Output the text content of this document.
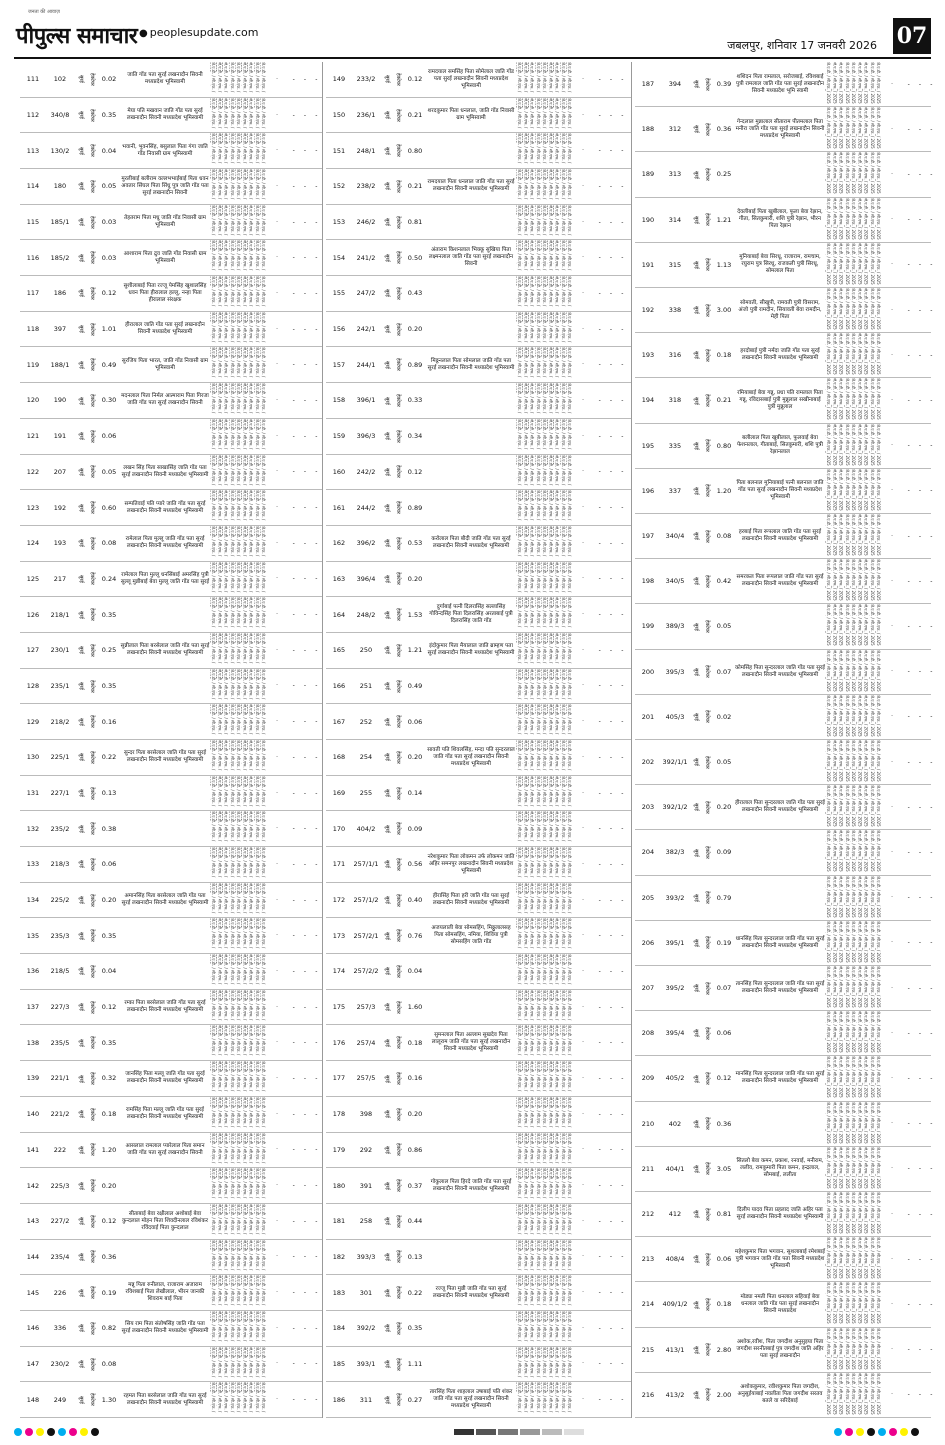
जनता की आवाज़
पीपुल्स समाचार ● peoplesupdate.com
जबलपुर, शनिवार 17 जनवरी 2026 07
111	102	सुरई	हेक्टेयर	0.02	जाति गोंड पता सुरई लखनादौन सिवनी मध्यप्रदेश भूमिस्वामी
जे.ए.डी. / सी.एफ. /
जे.ए.डी. / सी.एफ. /
जे.ए.डी. / सी.एफ. /
जे.ए.डी. / सी.एफ. /
जे.ए.डी. / सी.एफ. /
जे.ए.डी. / सी.एफ. /
जे.ए.डी. / सी.एफ. /
जे.ए.डी. / सी.एफ. /
जे.ए.डी. / सी.एफ. /
-	- - -
112	340/8	सुरई	हेक्टेयर	0.35	मेघा पति मखवान जाति गोंड पता सुरई लखनादौन सिवनी मध्यप्रदेश भूमिस्वामी
जे.ए.डी. / सी.एफ. /
जे.ए.डी. / सी.एफ. /
जे.ए.डी. / सी.एफ. /
जे.ए.डी. / सी.एफ. /
जे.ए.डी. / सी.एफ. /
जे.ए.डी. / सी.एफ. /
जे.ए.डी. / सी.एफ. /
जे.ए.डी. / सी.एफ. /
जे.ए.डी. / सी.एफ. /
-	- - -
113	130/2	सुरई	हेक्टेयर	0.04	भवानी, भुवनसिंह, बसुलाल पिता गंगा जाति गोंड निवासी ग्राम भूमिस्वामी
जे.ए.डी. / सी.एफ. /
जे.ए.डी. / सी.एफ. /
जे.ए.डी. / सी.एफ. /
जे.ए.डी. / सी.एफ. /
जे.ए.डी. / सी.एफ. /
जे.ए.डी. / सी.एफ. /
जे.ए.डी. / सी.एफ. /
जे.ए.डी. / सी.एफ. /
जे.ए.डी. / सी.एफ. /
-	- - -
114	180	सुरई	हेक्टेयर	0.05
मुरलीबाई बलीराम वल्लभभाईबाई पिता धवन अवतार सिंघल पिता सिंधु पुत्र जाति गोंड पता सुरई लखनादौन सिवनी
जे.ए.डी. / सी.एफ. /
जे.ए.डी. / सी.एफ. /
जे.ए.डी. / सी.एफ. /
जे.ए.डी. / सी.एफ. /
जे.ए.डी. / सी.एफ. /
जे.ए.डी. / सी.एफ. /
जे.ए.डी. / सी.एफ. /
जे.ए.डी. / सी.एफ. /
जे.ए.डी. / सी.एफ. /
-	- - -
115	185/1	सुरई	हेक्टेयर	0.03	तेहतराम पिता मधु जाति गोंड निवासी ग्राम भूमिस्वामी
जे.ए.डी. / सी.एफ. /
जे.ए.डी. / सी.एफ. /
जे.ए.डी. / सी.एफ. /
जे.ए.डी. / सी.एफ. /
जे.ए.डी. / सी.एफ. /
जे.ए.डी. / सी.एफ. /
जे.ए.डी. / सी.एफ. /
जे.ए.डी. / सी.एफ. /
जे.ए.डी. / सी.एफ. /
-	- - -
116	185/2	सुरई	हेक्टेयर	0.03	आशाराम पिता द्रुव जाति गोंड निवासी ग्राम भूमिस्वामी
जे.ए.डी. / सी.एफ. /
जे.ए.डी. / सी.एफ. /
जे.ए.डी. / सी.एफ. /
जे.ए.डी. / सी.एफ. /
जे.ए.डी. / सी.एफ. /
जे.ए.डी. / सी.एफ. /
जे.ए.डी. / सी.एफ. /
जे.ए.डी. / सी.एफ. /
जे.ए.डी. / सी.एफ. /
-	- - -
117	186	सुरई	हेक्टेयर	0.12
सुशीलाबाई पिता रज्जू पेमसिंह खुशालसिंह धवन पिता हीरालाल हल्लू, नन्हा पिता हीरालाल संरक्षक
जे.ए.डी. / सी.एफ. /
जे.ए.डी. / सी.एफ. /
जे.ए.डी. / सी.एफ. /
जे.ए.डी. / सी.एफ. /
जे.ए.डी. / सी.एफ. /
जे.ए.डी. / सी.एफ. /
जे.ए.डी. / सी.एफ. /
जे.ए.डी. / सी.एफ. /
जे.ए.डी. / सी.एफ. /
-	- - -
118	397	सुरई	हेक्टेयर	1.01	हीरालाल जाति गोंड पता सुरई लखनादौन सिवनी मध्यप्रदेश भूमिस्वामी
जे.ए.डी. / सी.एफ. /
जे.ए.डी. / सी.एफ. /
जे.ए.डी. / सी.एफ. /
जे.ए.डी. / सी.एफ. /
जे.ए.डी. / सी.एफ. /
जे.ए.डी. / सी.एफ. /
जे.ए.डी. / सी.एफ. /
जे.ए.डी. / सी.एफ. /
जे.ए.डी. / सी.एफ. /
-	- - -
119	188/1	सुरई	हेक्टेयर	0.49	सुरजिय पिता भारत, जाति गोंड निवासी ग्राम भूमिस्वामी
जे.ए.डी. / सी.एफ. /
जे.ए.डी. / सी.एफ. /
जे.ए.डी. / सी.एफ. /
जे.ए.डी. / सी.एफ. /
जे.ए.डी. / सी.एफ. /
जे.ए.डी. / सी.एफ. /
जे.ए.डी. / सी.एफ. /
जे.ए.डी. / सी.एफ. /
जे.ए.डी. / सी.एफ. /
-	- - -
120	190	सुरई	हेक्टेयर	0.30 मदनलाल पिता निर्मल आत्माराम पिता गिरजा जाति गोंड पता सुरई लखनादौन सिवनी
जे.ए.डी. / सी.एफ. /
जे.ए.डी. / सी.एफ. /
जे.ए.डी. / सी.एफ. /
जे.ए.डी. / सी.एफ. /
जे.ए.डी. / सी.एफ. /
जे.ए.डी. / सी.एफ. /
जे.ए.डी. / सी.एफ. /
जे.ए.डी. / सी.एफ. /
जे.ए.डी. / सी.एफ. /
-	- - -
121	191	सुरई	हेक्टेयर	0.06
जे.ए.डी. / सी.एफ. /
जे.ए.डी. / सी.एफ. /
जे.ए.डी. / सी.एफ. /
जे.ए.डी. / सी.एफ. /
जे.ए.डी. / सी.एफ. /
जे.ए.डी. / सी.एफ. /
जे.ए.डी. / सी.एफ. /
जे.ए.डी. / सी.एफ. /
जे.ए.डी. / सी.एफ. /
-	- - -
122	207	सुरई	हेक्टेयर	0.05	लखन सिंह पिता साखासिंह जाति गोंड पता सुरई लखनादौन सिवनी मध्यप्रदेश भूमिस्वामी
जे.ए.डी. / सी.एफ. /
जे.ए.डी. / सी.एफ. /
जे.ए.डी. / सी.एफ. /
जे.ए.डी. / सी.एफ. /
जे.ए.डी. / सी.एफ. /
जे.ए.डी. / सी.एफ. /
जे.ए.डी. / सी.एफ. /
जे.ए.डी. / सी.एफ. /
जे.ए.डी. / सी.एफ. /
-	- - -
123	192	सुरई	हेक्टेयर	0.60	सम्पतिवाई पति प्यारे जाति गोंड पता सुरई लखनादौन सिवनी मध्यप्रदेश भूमिस्वामी
जे.ए.डी. / सी.एफ. /
जे.ए.डी. / सी.एफ. /
जे.ए.डी. / सी.एफ. /
जे.ए.डी. / सी.एफ. /
जे.ए.डी. / सी.एफ. /
जे.ए.डी. / सी.एफ. /
जे.ए.डी. / सी.एफ. /
जे.ए.डी. / सी.एफ. /
जे.ए.डी. / सी.एफ. /
-	- - -
124	193	सुरई	हेक्टेयर	0.08	रामेलाल पिता मुल्लू जाति गोंड पता सुरई लखनादौन सिवनी मध्यप्रदेश भूमिस्वामी
जे.ए.डी. / सी.एफ. /
जे.ए.डी. / सी.एफ. /
जे.ए.डी. / सी.एफ. /
जे.ए.डी. / सी.एफ. /
जे.ए.डी. / सी.एफ. /
जे.ए.डी. / सी.एफ. /
जे.ए.डी. / सी.एफ. /
जे.ए.डी. / सी.एफ. /
जे.ए.डी. / सी.एफ. /
-	- - -
125	217	सुरई	हेक्टेयर	0.24 रामेलाल पिता मुल्लू धनसिंबाई अमरसिंह पुत्री सुल्लू मुन्नीबाई बेवा मुल्लू जाति गोंड पता सुरई
जे.ए.डी. / सी.एफ. /
जे.ए.डी. / सी.एफ. /
जे.ए.डी. / सी.एफ. /
जे.ए.डी. / सी.एफ. /
जे.ए.डी. / सी.एफ. /
जे.ए.डी. / सी.एफ. /
जे.ए.डी. / सी.एफ. /
जे.ए.डी. / सी.एफ. /
जे.ए.डी. / सी.एफ. /
-	- - -
126	218/1	सुरई	हेक्टेयर	0.35
जे.ए.डी. / सी.एफ. /
जे.ए.डी. / सी.एफ. /
जे.ए.डी. / सी.एफ. /
जे.ए.डी. / सी.एफ. /
जे.ए.डी. / सी.एफ. /
जे.ए.डी. / सी.एफ. /
जे.ए.डी. / सी.एफ. /
जे.ए.डी. / सी.एफ. /
जे.ए.डी. / सी.एफ. /
-	- - -
127	230/1	सुरई	हेक्टेयर	0.25 सुन्नीलाल पिता बरसेलाल जाति गोंड पता सुरई लखनादौन सिवनी मध्यप्रदेश भूमिस्वामी
जे.ए.डी. / सी.एफ. /
जे.ए.डी. / सी.एफ. /
जे.ए.डी. / सी.एफ. /
जे.ए.डी. / सी.एफ. /
जे.ए.डी. / सी.एफ. /
जे.ए.डी. / सी.एफ. /
जे.ए.डी. / सी.एफ. /
जे.ए.डी. / सी.एफ. /
जे.ए.डी. / सी.एफ. /
-	- - -
128	235/1	सुरई	हेक्टेयर	0.35
जे.ए.डी. / सी.एफ. /
जे.ए.डी. / सी.एफ. /
जे.ए.डी. / सी.एफ. /
जे.ए.डी. / सी.एफ. /
जे.ए.डी. / सी.एफ. /
जे.ए.डी. / सी.एफ. /
जे.ए.डी. / सी.एफ. /
जे.ए.डी. / सी.एफ. /
जे.ए.डी. / सी.एफ. /
-	- - -
129	218/2	सुरई	हेक्टेयर	0.16
जे.ए.डी. / सी.एफ. /
जे.ए.डी. / सी.एफ. /
जे.ए.डी. / सी.एफ. /
जे.ए.डी. / सी.एफ. /
जे.ए.डी. / सी.एफ. /
जे.ए.डी. / सी.एफ. /
जे.ए.डी. / सी.एफ. /
जे.ए.डी. / सी.एफ. /
जे.ए.डी. / सी.एफ. /
-	- - -
130	225/1	सुरई	हेक्टेयर	0.22	सुन्दर पिता बरसेलाल जाति गोंड पता सुरई लखनादौन सिवनी मध्यप्रदेश भूमिस्वामी
जे.ए.डी. / सी.एफ. /
जे.ए.डी. / सी.एफ. /
जे.ए.डी. / सी.एफ. /
जे.ए.डी. / सी.एफ. /
जे.ए.डी. / सी.एफ. /
जे.ए.डी. / सी.एफ. /
जे.ए.डी. / सी.एफ. /
जे.ए.डी. / सी.एफ. /
जे.ए.डी. / सी.एफ. /
-	- - -
131	227/1	सुरई	हेक्टेयर	0.13
जे.ए.डी. / सी.एफ. /
जे.ए.डी. / सी.एफ. /
जे.ए.डी. / सी.एफ. /
जे.ए.डी. / सी.एफ. /
जे.ए.डी. / सी.एफ. /
जे.ए.डी. / सी.एफ. /
जे.ए.डी. / सी.एफ. /
जे.ए.डी. / सी.एफ. /
जे.ए.डी. / सी.एफ. /
-	- - -
132	235/2	सुरई	हेक्टेयर	0.38
जे.ए.डी. / सी.एफ. /
जे.ए.डी. / सी.एफ. /
जे.ए.डी. / सी.एफ. /
जे.ए.डी. / सी.एफ. /
जे.ए.डी. / सी.एफ. /
जे.ए.डी. / सी.एफ. /
जे.ए.डी. / सी.एफ. /
जे.ए.डी. / सी.एफ. /
जे.ए.डी. / सी.एफ. /
-	- - -
133	218/3	सुरई	हेक्टेयर	0.06
जे.ए.डी. / सी.एफ. /
जे.ए.डी. / सी.एफ. /
जे.ए.डी. / सी.एफ. /
जे.ए.डी. / सी.एफ. /
जे.ए.डी. / सी.एफ. /
जे.ए.डी. / सी.एफ. /
जे.ए.डी. / सी.एफ. /
जे.ए.डी. / सी.एफ. /
जे.ए.डी. / सी.एफ. /
-	- - -
134	225/2	सुरई	हेक्टेयर	0.20	अमानसिंह पिता बरसेलाल जाति गोंड पता सुरई लखनादौन सिवनी मध्यप्रदेश भूमिस्वामी
जे.ए.डी. / सी.एफ. /
जे.ए.डी. / सी.एफ. /
जे.ए.डी. / सी.एफ. /
जे.ए.डी. / सी.एफ. /
जे.ए.डी. / सी.एफ. /
जे.ए.डी. / सी.एफ. /
जे.ए.डी. / सी.एफ. /
जे.ए.डी. / सी.एफ. /
जे.ए.डी. / सी.एफ. /
-	- - -
135	235/3	सुरई	हेक्टेयर	0.35
जे.ए.डी. / सी.एफ. /
जे.ए.डी. / सी.एफ. /
जे.ए.डी. / सी.एफ. /
जे.ए.डी. / सी.एफ. /
जे.ए.डी. / सी.एफ. /
जे.ए.डी. / सी.एफ. /
जे.ए.डी. / सी.एफ. /
जे.ए.डी. / सी.एफ. /
जे.ए.डी. / सी.एफ. /
-	- - -
136	218/5	सुरई	हेक्टेयर	0.04
जे.ए.डी. / सी.एफ. /
जे.ए.डी. / सी.एफ. /
जे.ए.डी. / सी.एफ. /
जे.ए.डी. / सी.एफ. /
जे.ए.डी. / सी.एफ. /
जे.ए.डी. / सी.एफ. /
जे.ए.डी. / सी.एफ. /
जे.ए.डी. / सी.एफ. /
जे.ए.डी. / सी.एफ. /
-	- - -
137	227/3	सुरई	हेक्टेयर	0.12	रम्का पिता बरसेलाल जाति गोंड पता सुरई लखनादौन सिवनी मध्यप्रदेश भूमिस्वामी
जे.ए.डी. / सी.एफ. /
जे.ए.डी. / सी.एफ. /
जे.ए.डी. / सी.एफ. /
जे.ए.डी. / सी.एफ. /
जे.ए.डी. / सी.एफ. /
जे.ए.डी. / सी.एफ. /
जे.ए.डी. / सी.एफ. /
जे.ए.डी. / सी.एफ. /
जे.ए.डी. / सी.एफ. /
-	- - -
138	235/5	सुरई	हेक्टेयर	0.35
जे.ए.डी. / सी.एफ. /
जे.ए.डी. / सी.एफ. /
जे.ए.डी. / सी.एफ. /
जे.ए.डी. / सी.एफ. /
जे.ए.डी. / सी.एफ. /
जे.ए.डी. / सी.एफ. /
जे.ए.डी. / सी.एफ. /
जे.ए.डी. / सी.एफ. /
जे.ए.डी. / सी.एफ. /
-	- - -
139	221/1	सुरई	हेक्टेयर	0.32	जानसिंह पिता मल्लू जाति गोंड पता सुरई लखनादौन सिवनी मध्यप्रदेश भूमिस्वामी
जे.ए.डी. / सी.एफ. /
जे.ए.डी. / सी.एफ. /
जे.ए.डी. / सी.एफ. /
जे.ए.डी. / सी.एफ. /
जे.ए.डी. / सी.एफ. /
जे.ए.डी. / सी.एफ. /
जे.ए.डी. / सी.एफ. /
जे.ए.डी. / सी.एफ. /
जे.ए.डी. / सी.एफ. /
-	- - -
140	221/2	सुरई	हेक्टेयर	0.18	रामसिंह पिता मल्लू जाति गोंड पता सुरई लखनादौन सिवनी मध्यप्रदेश भूमिस्वामी
जे.ए.डी. / सी.एफ. /
जे.ए.डी. / सी.एफ. /
जे.ए.डी. / सी.एफ. /
जे.ए.डी. / सी.एफ. /
जे.ए.डी. / सी.एफ. /
जे.ए.डी. / सी.एफ. /
जे.ए.डी. / सी.एफ. /
जे.ए.डी. / सी.एफ. /
जे.ए.डी. / सी.एफ. /
-	- - -
141	222	सुरई	हेक्टेयर	1.20	आसलाल रामलाल प्यारेलाल पिता समान जाति गोंड पता सुरई लखनादौन सिवनी
जे.ए.डी. / सी.एफ. /
जे.ए.डी. / सी.एफ. /
जे.ए.डी. / सी.एफ. /
जे.ए.डी. / सी.एफ. /
जे.ए.डी. / सी.एफ. /
जे.ए.डी. / सी.एफ. /
जे.ए.डी. / सी.एफ. /
जे.ए.डी. / सी.एफ. /
जे.ए.डी. / सी.एफ. /
-	- - -
142	225/3	सुरई	हेक्टेयर	0.20
जे.ए.डी. / सी.एफ. /
जे.ए.डी. / सी.एफ. /
जे.ए.डी. / सी.एफ. /
जे.ए.डी. / सी.एफ. /
जे.ए.डी. / सी.एफ. /
जे.ए.डी. / सी.एफ. /
जे.ए.डी. / सी.एफ. /
जे.ए.डी. / सी.एफ. /
जे.ए.डी. / सी.एफ. /
-	- - -
143	227/2	सुरई	हेक्टेयर	0.12
सीताबाई बेवा रक्षीलाल अशोबाई बेवा कुन्दलाल मोहन पिता शिवदीनलाल रविशंकर रविंदवाई पिता कुन्दलाल
जे.ए.डी. / सी.एफ. /
जे.ए.डी. / सी.एफ. /
जे.ए.डी. / सी.एफ. /
जे.ए.डी. / सी.एफ. /
जे.ए.डी. / सी.एफ. /
जे.ए.डी. / सी.एफ. /
जे.ए.डी. / सी.एफ. /
जे.ए.डी. / सी.एफ. /
जे.ए.डी. / सी.एफ. /
-	- - -
144	235/4	सुरई	हेक्टेयर	0.36
जे.ए.डी. / सी.एफ. /
जे.ए.डी. / सी.एफ. /
जे.ए.डी. / सी.एफ. /
जे.ए.डी. / सी.एफ. /
जे.ए.डी. / सी.एफ. /
जे.ए.डी. / सी.एफ. /
जे.ए.डी. / सी.एफ. /
जे.ए.डी. / सी.एफ. /
जे.ए.डी. / सी.एफ. /
-	- - -
145	226	सुरई	हेक्टेयर	0.19
मन्नू पिता रुनीलाल, राजाराम अजाराम रविशबाई पिता लेखीलाल, भीरन जानकी शिवराम बाई पिता
जे.ए.डी. / सी.एफ. /
जे.ए.डी. / सी.एफ. /
जे.ए.डी. / सी.एफ. /
जे.ए.डी. / सी.एफ. /
जे.ए.डी. / सी.एफ. /
जे.ए.डी. / सी.एफ. /
जे.ए.डी. / सी.एफ. /
जे.ए.डी. / सी.एफ. /
जे.ए.डी. / सी.एफ. /
-	- - -
146	336	सुरई	हेक्टेयर	0.82	सिय राम पिता संतोषसिंह जाति गोंड पता सुरई लखनादौन सिवनी मध्यप्रदेश भूमिस्वामी
जे.ए.डी. / सी.एफ. /
जे.ए.डी. / सी.एफ. /
जे.ए.डी. / सी.एफ. /
जे.ए.डी. / सी.एफ. /
जे.ए.डी. / सी.एफ. /
जे.ए.डी. / सी.एफ. /
जे.ए.डी. / सी.एफ. /
जे.ए.डी. / सी.एफ. /
जे.ए.डी. / सी.एफ. /
-	- - -
147	230/2	सुरई	हेक्टेयर	0.08
जे.ए.डी. / सी.एफ. /
जे.ए.डी. / सी.एफ. /
जे.ए.डी. / सी.एफ. /
जे.ए.डी. / सी.एफ. /
जे.ए.डी. / सी.एफ. /
जे.ए.डी. / सी.एफ. /
जे.ए.डी. / सी.एफ. /
जे.ए.डी. / सी.एफ. /
जे.ए.डी. / सी.एफ. /
-	- - -
148	249	सुरई	हेक्टेयर	1.30	रहमत पिता बरसेलाल जाति गोंड पता सुरई लखनादौन सिवनी मध्यप्रदेश भूमिस्वामी
जे.ए.डी. / सी.एफ. /
जे.ए.डी. / सी.एफ. /
जे.ए.डी. / सी.एफ. /
जे.ए.डी. / सी.एफ. /
जे.ए.डी. / सी.एफ. /
जे.ए.डी. / सी.एफ. /
जे.ए.डी. / सी.एफ. /
जे.ए.डी. / सी.एफ. /
जे.ए.डी. / सी.एफ. /
-	- - -
149	233/2	सुरई	हेक्टेयर	0.12
रामदयाल समसिंह पिता सोमेलाल जाति गोंड पता सुरई लखनादौन सिवनी मध्यप्रदेश भूमिस्वामी
जे.ए.डी. / सी.एफ. /
जे.ए.डी. / सी.एफ. /
जे.ए.डी. / सी.एफ. /
जे.ए.डी. / सी.एफ. /
जे.ए.डी. / सी.एफ. /
जे.ए.डी. / सी.एफ. /
जे.ए.डी. / सी.एफ. /
जे.ए.डी. / सी.एफ. /
जे.ए.डी. / सी.एफ. /
-	- - -
150	236/1	सुरई	हेक्टेयर	0.21 शरदकुमार पिता धनलाल, जाति गोंड निवासी ग्राम भूमिस्वामी
जे.ए.डी. / सी.एफ. /
जे.ए.डी. / सी.एफ. /
जे.ए.डी. / सी.एफ. /
जे.ए.डी. / सी.एफ. /
जे.ए.डी. / सी.एफ. /
जे.ए.डी. / सी.एफ. /
जे.ए.डी. / सी.एफ. /
जे.ए.डी. / सी.एफ. /
जे.ए.डी. / सी.एफ. /
-	- - -
151	248/1	सुरई	हेक्टेयर	0.80
जे.ए.डी. / सी.एफ. /
जे.ए.डी. / सी.एफ. /
जे.ए.डी. / सी.एफ. /
जे.ए.डी. / सी.एफ. /
जे.ए.डी. / सी.एफ. /
जे.ए.डी. / सी.एफ. /
जे.ए.डी. / सी.एफ. /
जे.ए.डी. / सी.एफ. /
जे.ए.डी. / सी.एफ. /
-	- - -
152	238/2	सुरई	हेक्टेयर	0.21 रामदयाल पिता धनलाल जाति गोंड पता सुरई लखनादौन सिवनी मध्यप्रदेश भूमिस्वामी
जे.ए.डी. / सी.एफ. /
जे.ए.डी. / सी.एफ. /
जे.ए.डी. / सी.एफ. /
जे.ए.डी. / सी.एफ. /
जे.ए.डी. / सी.एफ. /
जे.ए.डी. / सी.एफ. /
जे.ए.डी. / सी.एफ. /
जे.ए.डी. / सी.एफ. /
जे.ए.डी. / सी.एफ. /
-	- - -
153	246/2	सुरई	हेक्टेयर	0.81
जे.ए.डी. / सी.एफ. /
जे.ए.डी. / सी.एफ. /
जे.ए.डी. / सी.एफ. /
जे.ए.डी. / सी.एफ. /
जे.ए.डी. / सी.एफ. /
जे.ए.डी. / सी.एफ. /
जे.ए.डी. / सी.एफ. /
जे.ए.डी. / सी.एफ. /
जे.ए.डी. / सी.एफ. /
-	- - -
154	241/2	सुरई	हेक्टेयर	0.50
अंताराम किशनलाल भिक्कू सुखिया पिता लक्ष्मनलाल जाति गोंड पता सुरई लखनादौन सिवनी
जे.ए.डी. / सी.एफ. /
जे.ए.डी. / सी.एफ. /
जे.ए.डी. / सी.एफ. /
जे.ए.डी. / सी.एफ. /
जे.ए.डी. / सी.एफ. /
जे.ए.डी. / सी.एफ. /
जे.ए.डी. / सी.एफ. /
जे.ए.डी. / सी.एफ. /
जे.ए.डी. / सी.एफ. /
-	- - -
155	247/2	सुरई	हेक्टेयर	0.43
जे.ए.डी. / सी.एफ. /
जे.ए.डी. / सी.एफ. /
जे.ए.डी. / सी.एफ. /
जे.ए.डी. / सी.एफ. /
जे.ए.डी. / सी.एफ. /
जे.ए.डी. / सी.एफ. /
जे.ए.डी. / सी.एफ. /
जे.ए.डी. / सी.एफ. /
जे.ए.डी. / सी.एफ. /
-	- - -
156	242/1	सुरई	हेक्टेयर	0.20
जे.ए.डी. / सी.एफ. /
जे.ए.डी. / सी.एफ. /
जे.ए.डी. / सी.एफ. /
जे.ए.डी. / सी.एफ. /
जे.ए.डी. / सी.एफ. /
जे.ए.डी. / सी.एफ. /
जे.ए.डी. / सी.एफ. /
जे.ए.डी. / सी.एफ. /
जे.ए.डी. / सी.एफ. /
-	- - -
157	244/1	सुरई	हेक्टेयर	0.89	मिठ्ठनलाल पिता सोमलाल जाति गोंड पता सुरई लखनादौन सिवनी मध्यप्रदेश भूमिस्वामी
जे.ए.डी. / सी.एफ. /
जे.ए.डी. / सी.एफ. /
जे.ए.डी. / सी.एफ. /
जे.ए.डी. / सी.एफ. /
जे.ए.डी. / सी.एफ. /
जे.ए.डी. / सी.एफ. /
जे.ए.डी. / सी.एफ. /
जे.ए.डी. / सी.एफ. /
जे.ए.डी. / सी.एफ. /
-	- - -
158	396/1	सुरई	हेक्टेयर	0.33
जे.ए.डी. / सी.एफ. /
जे.ए.डी. / सी.एफ. /
जे.ए.डी. / सी.एफ. /
जे.ए.डी. / सी.एफ. /
जे.ए.डी. / सी.एफ. /
जे.ए.डी. / सी.एफ. /
जे.ए.डी. / सी.एफ. /
जे.ए.डी. / सी.एफ. /
जे.ए.डी. / सी.एफ. /
-	- - -
159	396/3	सुरई	हेक्टेयर	0.34
जे.ए.डी. / सी.एफ. /
जे.ए.डी. / सी.एफ. /
जे.ए.डी. / सी.एफ. /
जे.ए.डी. / सी.एफ. /
जे.ए.डी. / सी.एफ. /
जे.ए.डी. / सी.एफ. /
जे.ए.डी. / सी.एफ. /
जे.ए.डी. / सी.एफ. /
जे.ए.डी. / सी.एफ. /
-	- - -
160	242/2	सुरई	हेक्टेयर	0.12
जे.ए.डी. / सी.एफ. /
जे.ए.डी. / सी.एफ. /
जे.ए.डी. / सी.एफ. /
जे.ए.डी. / सी.एफ. /
जे.ए.डी. / सी.एफ. /
जे.ए.डी. / सी.एफ. /
जे.ए.डी. / सी.एफ. /
जे.ए.डी. / सी.एफ. /
जे.ए.डी. / सी.एफ. /
-	- - -
161	244/2	सुरई	हेक्टेयर	0.89
जे.ए.डी. / सी.एफ. /
जे.ए.डी. / सी.एफ. /
जे.ए.डी. / सी.एफ. /
जे.ए.डी. / सी.एफ. /
जे.ए.डी. / सी.एफ. /
जे.ए.डी. / सी.एफ. /
जे.ए.डी. / सी.एफ. /
जे.ए.डी. / सी.एफ. /
जे.ए.डी. / सी.एफ. /
-	- - -
162	396/2	सुरई	हेक्टेयर	0.53	करोलाल पिता बौदी जाति गोंड पता सुरई लखनादौन सिवनी मध्यप्रदेश भूमिस्वामी
जे.ए.डी. / सी.एफ. /
जे.ए.डी. / सी.एफ. /
जे.ए.डी. / सी.एफ. /
जे.ए.डी. / सी.एफ. /
जे.ए.डी. / सी.एफ. /
जे.ए.डी. / सी.एफ. /
जे.ए.डी. / सी.एफ. /
जे.ए.डी. / सी.एफ. /
जे.ए.डी. / सी.एफ. /
-	- - -
163	396/4	सुरई	हेक्टेयर	0.20
जे.ए.डी. / सी.एफ. /
जे.ए.डी. / सी.एफ. /
जे.ए.डी. / सी.एफ. /
जे.ए.डी. / सी.एफ. /
जे.ए.डी. / सी.एफ. /
जे.ए.डी. / सी.एफ. /
जे.ए.डी. / सी.एफ. /
जे.ए.डी. / सी.एफ. /
जे.ए.डी. / सी.एफ. /
-	- - -
164	248/2	सुरई	हेक्टेयर	1.53
दुर्गाबाई पत्नी दिलरासिंह सल्लासिंह गोविन्दसिंह पिता दिलरासिंह अरताबाई पुत्री दिलरासिंह जाति गोंड
जे.ए.डी. / सी.एफ. /
जे.ए.डी. / सी.एफ. /
जे.ए.डी. / सी.एफ. /
जे.ए.डी. / सी.एफ. /
जे.ए.डी. / सी.एफ. /
जे.ए.डी. / सी.एफ. /
जे.ए.डी. / सी.एफ. /
जे.ए.डी. / सी.एफ. /
जे.ए.डी. / सी.एफ. /
-	- - -
165	250	सुरई	हेक्टेयर	1.21	इंदोकुमार पिता मैयालाल जाति ब्राम्हण पता सुरई लखनादौन सिवनी मध्यप्रदेश भूमिस्वामी
जे.ए.डी. / सी.एफ. /
जे.ए.डी. / सी.एफ. /
जे.ए.डी. / सी.एफ. /
जे.ए.डी. / सी.एफ. /
जे.ए.डी. / सी.एफ. /
जे.ए.डी. / सी.एफ. /
जे.ए.डी. / सी.एफ. /
जे.ए.डी. / सी.एफ. /
जे.ए.डी. / सी.एफ. /
-	- - -
166	251	सुरई	हेक्टेयर	0.49
जे.ए.डी. / सी.एफ. /
जे.ए.डी. / सी.एफ. /
जे.ए.डी. / सी.एफ. /
जे.ए.डी. / सी.एफ. /
जे.ए.डी. / सी.एफ. /
जे.ए.डी. / सी.एफ. /
जे.ए.डी. / सी.एफ. /
जे.ए.डी. / सी.एफ. /
जे.ए.डी. / सी.एफ. /
-	- - -
167	252	सुरई	हेक्टेयर	0.06
जे.ए.डी. / सी.एफ. /
जे.ए.डी. / सी.एफ. /
जे.ए.डी. / सी.एफ. /
जे.ए.डी. / सी.एफ. /
जे.ए.डी. / सी.एफ. /
जे.ए.डी. / सी.एफ. /
जे.ए.डी. / सी.एफ. /
जे.ए.डी. / सी.एफ. /
जे.ए.डी. / सी.एफ. /
-	- - -
168	254	सुरई	हेक्टेयर	0.20
सावती पति शिवलसिंह, मन्दा पति सुन्दरलाल जाति गोंड पता सुरई लखनादौन सिवनी मध्यप्रदेश भूमिस्वामी
जे.ए.डी. / सी.एफ. /
जे.ए.डी. / सी.एफ. /
जे.ए.डी. / सी.एफ. /
जे.ए.डी. / सी.एफ. /
जे.ए.डी. / सी.एफ. /
जे.ए.डी. / सी.एफ. /
जे.ए.डी. / सी.एफ. /
जे.ए.डी. / सी.एफ. /
जे.ए.डी. / सी.एफ. /
-	- - -
169	255	सुरई	हेक्टेयर	0.14
जे.ए.डी. / सी.एफ. /
जे.ए.डी. / सी.एफ. /
जे.ए.डी. / सी.एफ. /
जे.ए.डी. / सी.एफ. /
जे.ए.डी. / सी.एफ. /
जे.ए.डी. / सी.एफ. /
जे.ए.डी. / सी.एफ. /
जे.ए.डी. / सी.एफ. /
जे.ए.डी. / सी.एफ. /
-	- - -
170	404/2	सुरई	हेक्टेयर	0.09
जे.ए.डी. / सी.एफ. /
जे.ए.डी. / सी.एफ. /
जे.ए.डी. / सी.एफ. /
जे.ए.डी. / सी.एफ. /
जे.ए.डी. / सी.एफ. /
जे.ए.डी. / सी.एफ. /
जे.ए.डी. / सी.एफ. /
जे.ए.डी. / सी.एफ. /
जे.ए.डी. / सी.एफ. /
-	- - -
171	257/1/1	सुरई	हेक्टेयर	0.56
नरेशकुमार पिता लोकमन उर्फ लोकमन जाति अहिर समनपुर लखनादौन सिवनी मध्यप्रदेश भूमिस्वामी
जे.ए.डी. / सी.एफ. /
जे.ए.डी. / सी.एफ. /
जे.ए.डी. / सी.एफ. /
जे.ए.डी. / सी.एफ. /
जे.ए.डी. / सी.एफ. /
जे.ए.डी. / सी.एफ. /
जे.ए.डी. / सी.एफ. /
जे.ए.डी. / सी.एफ. /
जे.ए.डी. / सी.एफ. /
-	- - -
172	257/1/2	सुरई	हेक्टेयर	0.40	हीरासिंह पिता हरी जाति गोंड पता सुरई लखनादौन सिवनी मध्यप्रदेश भूमिस्वामी
जे.ए.डी. / सी.एफ. /
जे.ए.डी. / सी.एफ. /
जे.ए.डी. / सी.एफ. /
जे.ए.डी. / सी.एफ. /
जे.ए.डी. / सी.एफ. /
जे.ए.डी. / सी.एफ. /
जे.ए.डी. / सी.एफ. /
जे.ए.डी. / सी.एफ. /
जे.ए.डी. / सी.एफ. /
-	- - -
173	257/2/1	सुरई	हेक्टेयर	0.76
अजयलाली बेवा सोमसहिंग, मिठ्ठूलालसह पिता सोमसहिंग, नमिया, शिविया पुत्री सोमसहिंग जाति गोंड
जे.ए.डी. / सी.एफ. /
जे.ए.डी. / सी.एफ. /
जे.ए.डी. / सी.एफ. /
जे.ए.डी. / सी.एफ. /
जे.ए.डी. / सी.एफ. /
जे.ए.डी. / सी.एफ. /
जे.ए.डी. / सी.एफ. /
जे.ए.डी. / सी.एफ. /
जे.ए.डी. / सी.एफ. /
-	- - -
174	257/2/2	सुरई	हेक्टेयर	0.04
जे.ए.डी. / सी.एफ. /
जे.ए.डी. / सी.एफ. /
जे.ए.डी. / सी.एफ. /
जे.ए.डी. / सी.एफ. /
जे.ए.डी. / सी.एफ. /
जे.ए.डी. / सी.एफ. /
जे.ए.डी. / सी.एफ. /
जे.ए.डी. / सी.एफ. /
जे.ए.डी. / सी.एफ. /
-	- - -
175	257/3	सुरई	हेक्टेयर	1.60
जे.ए.डी. / सी.एफ. /
जे.ए.डी. / सी.एफ. /
जे.ए.डी. / सी.एफ. /
जे.ए.डी. / सी.एफ. /
जे.ए.डी. / सी.एफ. /
जे.ए.डी. / सी.एफ. /
जे.ए.डी. / सी.एफ. /
जे.ए.डी. / सी.एफ. /
जे.ए.डी. / सी.एफ. /
-	- - -
176	257/4	सुरई	हेक्टेयर	0.18
सुमनलाल पिता अल्लाम सुखदेव पिता लालूराम जाति गोंड पता सुरई लखनादौन सिवनी मध्यप्रदेश भूमिस्वामी
जे.ए.डी. / सी.एफ. /
जे.ए.डी. / सी.एफ. /
जे.ए.डी. / सी.एफ. /
जे.ए.डी. / सी.एफ. /
जे.ए.डी. / सी.एफ. /
जे.ए.डी. / सी.एफ. /
जे.ए.डी. / सी.एफ. /
जे.ए.डी. / सी.एफ. /
जे.ए.डी. / सी.एफ. /
-	- - -
177	257/5	सुरई	हेक्टेयर	0.16
जे.ए.डी. / सी.एफ. /
जे.ए.डी. / सी.एफ. /
जे.ए.डी. / सी.एफ. /
जे.ए.डी. / सी.एफ. /
जे.ए.डी. / सी.एफ. /
जे.ए.डी. / सी.एफ. /
जे.ए.डी. / सी.एफ. /
जे.ए.डी. / सी.एफ. /
जे.ए.डी. / सी.एफ. /
-	- - -
178	398	सुरई	हेक्टेयर	0.20
जे.ए.डी. / सी.एफ. /
जे.ए.डी. / सी.एफ. /
जे.ए.डी. / सी.एफ. /
जे.ए.डी. / सी.एफ. /
जे.ए.डी. / सी.एफ. /
जे.ए.डी. / सी.एफ. /
जे.ए.डी. / सी.एफ. /
जे.ए.डी. / सी.एफ. /
जे.ए.डी. / सी.एफ. /
-	- - -
179	292	सुरई	हेक्टेयर	0.86
जे.ए.डी. / सी.एफ. /
जे.ए.डी. / सी.एफ. /
जे.ए.डी. / सी.एफ. /
जे.ए.डी. / सी.एफ. /
जे.ए.डी. / सी.एफ. /
जे.ए.डी. / सी.एफ. /
जे.ए.डी. / सी.एफ. /
जे.ए.डी. / सी.एफ. /
जे.ए.डी. / सी.एफ. /
-	- - -
180	391	सुरई	हेक्टेयर	0.37	गोकुलाल पिता हिरदे जाति गोंड पता सुरई लखनादौन सिवनी मध्यप्रदेश भूमिस्वामी
जे.ए.डी. / सी.एफ. /
जे.ए.डी. / सी.एफ. /
जे.ए.डी. / सी.एफ. /
जे.ए.डी. / सी.एफ. /
जे.ए.डी. / सी.एफ. /
जे.ए.डी. / सी.एफ. /
जे.ए.डी. / सी.एफ. /
जे.ए.डी. / सी.एफ. /
जे.ए.डी. / सी.एफ. /
-	- - -
181	258	सुरई	हेक्टेयर	0.44
जे.ए.डी. / सी.एफ. /
जे.ए.डी. / सी.एफ. /
जे.ए.डी. / सी.एफ. /
जे.ए.डी. / सी.एफ. /
जे.ए.डी. / सी.एफ. /
जे.ए.डी. / सी.एफ. /
जे.ए.डी. / सी.एफ. /
जे.ए.डी. / सी.एफ. /
जे.ए.डी. / सी.एफ. /
-	- - -
182	393/3	सुरई	हेक्टेयर	0.13
जे.ए.डी. / सी.एफ. /
जे.ए.डी. / सी.एफ. /
जे.ए.डी. / सी.एफ. /
जे.ए.डी. / सी.एफ. /
जे.ए.डी. / सी.एफ. /
जे.ए.डी. / सी.एफ. /
जे.ए.डी. / सी.एफ. /
जे.ए.डी. / सी.एफ. /
जे.ए.डी. / सी.एफ. /
-	- - -
183	301	सुरई	हेक्टेयर	0.22	रज्जू पिता मुन्नी जाति गोंड पता सुरई लखनादौन सिवनी मध्यप्रदेश भूमिस्वामी
जे.ए.डी. / सी.एफ. /
जे.ए.डी. / सी.एफ. /
जे.ए.डी. / सी.एफ. /
जे.ए.डी. / सी.एफ. /
जे.ए.डी. / सी.एफ. /
जे.ए.डी. / सी.एफ. /
जे.ए.डी. / सी.एफ. /
जे.ए.डी. / सी.एफ. /
जे.ए.डी. / सी.एफ. /
-	- - -
184	392/2	सुरई	हेक्टेयर	0.35
जे.ए.डी. / सी.एफ. /
जे.ए.डी. / सी.एफ. /
जे.ए.डी. / सी.एफ. /
जे.ए.डी. / सी.एफ. /
जे.ए.डी. / सी.एफ. /
जे.ए.डी. / सी.एफ. /
जे.ए.डी. / सी.एफ. /
जे.ए.डी. / सी.एफ. /
जे.ए.डी. / सी.एफ. /
-	- - -
185	393/1	सुरई	हेक्टेयर	1.11
जे.ए.डी. / सी.एफ. /
जे.ए.डी. / सी.एफ. /
जे.ए.डी. / सी.एफ. /
जे.ए.डी. / सी.एफ. /
जे.ए.डी. / सी.एफ. /
जे.ए.डी. / सी.एफ. /
जे.ए.डी. / सी.एफ. /
जे.ए.डी. / सी.एफ. /
जे.ए.डी. / सी.एफ. /
-	- - -
186	311	सुरई	हेक्टेयर	0.27
तारसिंह पिता शाहलाल उषाबाई पति शंकर जाति गोंड पता सुरई लखनादौन सिवनी मध्यप्रदेश भूमिस्वामी
जे.ए.डी. / सी.एफ. /
जे.ए.डी. / सी.एफ. /
जे.ए.डी. / सी.एफ. /
जे.ए.डी. / सी.एफ. /
जे.ए.डी. / सी.एफ. /
जे.ए.डी. / सी.एफ. /
जे.ए.डी. / सी.एफ. /
जे.ए.डी. / सी.एफ. /
जे.ए.डी. / सी.एफ. /
-	- - -
187	394	सुरई	हेक्टेयर	0.39
शशिदन पिता रामलाल, सरोजबाई, रविशबाई पुत्री रामलाल जाति गोंड पता सुरई लखनादौन सिवनी मध्यप्रदेश भूमि स्वामी
जे.ए.डी. / सी.एफ. / 2025
जे.ए.डी. / सी.एफ. / 2025
जे.ए.डी. / सी.एफ. / 2025
जे.ए.डी. / सी.एफ. / 2025
जे.ए.डी. / सी.एफ. / 2025
जे.ए.डी. / सी.एफ. / 2025
जे.ए.डी. / सी.एफ. / 2025
जे.ए.डी. / सी.एफ. / 2025
जे.ए.डी. / सी.एफ. / 2025
-	- - -
188	312	सुरई	हेक्टेयर	0.36
गेन्दलाल मुन्नालाल सीताराम पीतमलाल पिता मनीरा जाति गोंड पता सुरई लखनादौन सिवनी मध्यप्रदेश भूमिस्वामी
जे.ए.डी. / सी.एफ. / 2025
जे.ए.डी. / सी.एफ. / 2025
जे.ए.डी. / सी.एफ. / 2025
जे.ए.डी. / सी.एफ. / 2025
जे.ए.डी. / सी.एफ. / 2025
जे.ए.डी. / सी.एफ. / 2025
जे.ए.डी. / सी.एफ. / 2025
जे.ए.डी. / सी.एफ. / 2025
जे.ए.डी. / सी.एफ. / 2025
-	- - -
189	313	सुरई	हेक्टेयर	0.25
जे.ए.डी. / सी.एफ. / 2025
जे.ए.डी. / सी.एफ. / 2025
जे.ए.डी. / सी.एफ. / 2025
जे.ए.डी. / सी.एफ. / 2025
जे.ए.डी. / सी.एफ. / 2025
जे.ए.डी. / सी.एफ. / 2025
जे.ए.डी. / सी.एफ. / 2025
जे.ए.डी. / सी.एफ. / 2025
जे.ए.डी. / सी.एफ. / 2025
-	- - -
190	314	सुरई	हेक्टेयर	1.21
देवलीबाई पिता खुबीलाल, फूला बेवा रेझान, गीता, सितकुमारी, शशि पुत्री रेझान, भीरन पिता रेझान
जे.ए.डी. / सी.एफ. / 2025
जे.ए.डी. / सी.एफ. / 2025
जे.ए.डी. / सी.एफ. / 2025
जे.ए.डी. / सी.एफ. / 2025
जे.ए.डी. / सी.एफ. / 2025
जे.ए.डी. / सी.एफ. / 2025
जे.ए.डी. / सी.एफ. / 2025
जे.ए.डी. / सी.एफ. / 2025
जे.ए.डी. / सी.एफ. / 2025
-	- - -
191	315	सुरई	हेक्टेयर	1.13
मुनियाबाई बेवा सिरधू, राजाराम, रामचाम, रघुराम पुत्र सिरधू, राजकली पुत्री सिरधू, सोमलाल पिता
जे.ए.डी. / सी.एफ. / 2025
जे.ए.डी. / सी.एफ. / 2025
जे.ए.डी. / सी.एफ. / 2025
जे.ए.डी. / सी.एफ. / 2025
जे.ए.डी. / सी.एफ. / 2025
जे.ए.डी. / सी.एफ. / 2025
जे.ए.डी. / सी.एफ. / 2025
जे.ए.डी. / सी.एफ. / 2025
जे.ए.डी. / सी.एफ. / 2025
-	- - -
192	338	सुरई	हेक्टेयर	3.00
सोमवती, सीखुपी, रामवती पुत्री विसराम, अंजो पुत्री रामदीन, सियावती बेवा रामदीन, मेही पिता
जे.ए.डी. / सी.एफ. / 2025
जे.ए.डी. / सी.एफ. / 2025
जे.ए.डी. / सी.एफ. / 2025
जे.ए.डी. / सी.एफ. / 2025
जे.ए.डी. / सी.एफ. / 2025
जे.ए.डी. / सी.एफ. / 2025
जे.ए.डी. / सी.एफ. / 2025
जे.ए.डी. / सी.एफ. / 2025
जे.ए.डी. / सी.एफ. / 2025
-	- - -
193	316	सुरई	हेक्टेयर	0.18	हरदोबाई पुत्री नर्मदा जाति गोंड पता सुरई लखनादौन सिवनी मध्यप्रदेश भूमिस्वामी
जे.ए.डी. / सी.एफ. / 2025
जे.ए.डी. / सी.एफ. / 2025
जे.ए.डी. / सी.एफ. / 2025
जे.ए.डी. / सी.एफ. / 2025
जे.ए.डी. / सी.एफ. / 2025
जे.ए.डी. / सी.एफ. / 2025
जे.ए.डी. / सी.एफ. / 2025
जे.ए.डी. / सी.एफ. / 2025
जे.ए.डी. / सी.एफ. / 2025
-	- - -
194	318	सुरई	हेक्टेयर	0.21
रमियाबाई बेवा गन्नू, प्रधा पति रामलाल पिता गन्नू, रविदासबाई पुत्री मुन्नूलाल सखीनाबाई पुत्री मुन्नूलाल
जे.ए.डी. / सी.एफ. / 2025
जे.ए.डी. / सी.एफ. / 2025
जे.ए.डी. / सी.एफ. / 2025
जे.ए.डी. / सी.एफ. / 2025
जे.ए.डी. / सी.एफ. / 2025
जे.ए.डी. / सी.एफ. / 2025
जे.ए.डी. / सी.एफ. / 2025
जे.ए.डी. / सी.एफ. / 2025
जे.ए.डी. / सी.एफ. / 2025
-	- - -
195	335	सुरई	हेक्टेयर	0.80
बलीलाल पिता खुबीलाल, फुलवाई बेवा फेशनलाल, गीताबाई, सितकुमारी, शशि पुत्री रेझानलाल
जे.ए.डी. / सी.एफ. / 2025
जे.ए.डी. / सी.एफ. / 2025
जे.ए.डी. / सी.एफ. / 2025
जे.ए.डी. / सी.एफ. / 2025
जे.ए.डी. / सी.एफ. / 2025
जे.ए.डी. / सी.एफ. / 2025
जे.ए.डी. / सी.एफ. / 2025
जे.ए.डी. / सी.एफ. / 2025
जे.ए.डी. / सी.एफ. / 2025
-	- - -
196	337	सुरई	हेक्टेयर	1.20
पिता बलनाल मुनियाबाई पत्नी बलनाल जाति गोंड पता सुरई लखनादौन सिवनी मध्यप्रदेश भूमिस्वामी
जे.ए.डी. / सी.एफ. / 2025
जे.ए.डी. / सी.एफ. / 2025
जे.ए.डी. / सी.एफ. / 2025
जे.ए.डी. / सी.एफ. / 2025
जे.ए.डी. / सी.एफ. / 2025
जे.ए.डी. / सी.एफ. / 2025
जे.ए.डी. / सी.एफ. / 2025
जे.ए.डी. / सी.एफ. / 2025
जे.ए.डी. / सी.एफ. / 2025
-	- - -
197	340/4	सुरई	हेक्टेयर	0.08	हरबाई पिता रूपलाल जाति गोंड पता सुरई लखनादौन सिवनी मध्यप्रदेश भूमिस्वामी
जे.ए.डी. / सी.एफ. / 2025
जे.ए.डी. / सी.एफ. / 2025
जे.ए.डी. / सी.एफ. / 2025
जे.ए.डी. / सी.एफ. / 2025
जे.ए.डी. / सी.एफ. / 2025
जे.ए.डी. / सी.एफ. / 2025
जे.ए.डी. / सी.एफ. / 2025
जे.ए.डी. / सी.एफ. / 2025
जे.ए.डी. / सी.एफ. / 2025
-	- - -
198	340/5	सुरई	हेक्टेयर	0.42 समरकल पिता रूपलाल जाति गोंड पता सुरई लखनादौन सिवनी मध्यप्रदेश भूमिस्वामी
जे.ए.डी. / सी.एफ. / 2025
जे.ए.डी. / सी.एफ. / 2025
जे.ए.डी. / सी.एफ. / 2025
जे.ए.डी. / सी.एफ. / 2025
जे.ए.डी. / सी.एफ. / 2025
जे.ए.डी. / सी.एफ. / 2025
जे.ए.डी. / सी.एफ. / 2025
जे.ए.डी. / सी.एफ. / 2025
जे.ए.डी. / सी.एफ. / 2025
-	- - -
199	389/3	सुरई	हेक्टेयर	0.05
जे.ए.डी. / सी.एफ. / 2025
जे.ए.डी. / सी.एफ. / 2025
जे.ए.डी. / सी.एफ. / 2025
जे.ए.डी. / सी.एफ. / 2025
जे.ए.डी. / सी.एफ. / 2025
जे.ए.डी. / सी.एफ. / 2025
जे.ए.डी. / सी.एफ. / 2025
जे.ए.डी. / सी.एफ. / 2025
जे.ए.डी. / सी.एफ. / 2025
-	- - -
200	395/3	सुरई	हेक्टेयर	0.07 कोमसिंह पिता सुन्दरलाल जाति गोंड पता सुरई लखनादौन सिवनी मध्यप्रदेश भूमिस्वामी
जे.ए.डी. / सी.एफ. / 2025
जे.ए.डी. / सी.एफ. / 2025
जे.ए.डी. / सी.एफ. / 2025
जे.ए.डी. / सी.एफ. / 2025
जे.ए.डी. / सी.एफ. / 2025
जे.ए.डी. / सी.एफ. / 2025
जे.ए.डी. / सी.एफ. / 2025
जे.ए.डी. / सी.एफ. / 2025
जे.ए.डी. / सी.एफ. / 2025
-	- - -
201	405/3	सुरई	हेक्टेयर	0.02
जे.ए.डी. / सी.एफ. / 2025
जे.ए.डी. / सी.एफ. / 2025
जे.ए.डी. / सी.एफ. / 2025
जे.ए.डी. / सी.एफ. / 2025
जे.ए.डी. / सी.एफ. / 2025
जे.ए.डी. / सी.एफ. / 2025
जे.ए.डी. / सी.एफ. / 2025
जे.ए.डी. / सी.एफ. / 2025
जे.ए.डी. / सी.एफ. / 2025
-	- - -
202	392/1/1	सुरई	हेक्टेयर	0.05
जे.ए.डी. / सी.एफ. / 2025
जे.ए.डी. / सी.एफ. / 2025
जे.ए.डी. / सी.एफ. / 2025
जे.ए.डी. / सी.एफ. / 2025
जे.ए.डी. / सी.एफ. / 2025
जे.ए.डी. / सी.एफ. / 2025
जे.ए.डी. / सी.एफ. / 2025
जे.ए.डी. / सी.एफ. / 2025
जे.ए.डी. / सी.एफ. / 2025
-	- - -
203	392/1/2	सुरई	हेक्टेयर	0.20 हीरालाल पिता सुन्दरलाल जाति गोंड पता सुरई लखनादौन सिवनी मध्यप्रदेश भूमिस्वामी
जे.ए.डी. / सी.एफ. / 2025
जे.ए.डी. / सी.एफ. / 2025
जे.ए.डी. / सी.एफ. / 2025
जे.ए.डी. / सी.एफ. / 2025
जे.ए.डी. / सी.एफ. / 2025
जे.ए.डी. / सी.एफ. / 2025
जे.ए.डी. / सी.एफ. / 2025
जे.ए.डी. / सी.एफ. / 2025
जे.ए.डी. / सी.एफ. / 2025
-	- - -
204	382/3	सुरई	हेक्टेयर	0.09
जे.ए.डी. / सी.एफ. / 2025
जे.ए.डी. / सी.एफ. / 2025
जे.ए.डी. / सी.एफ. / 2025
जे.ए.डी. / सी.एफ. / 2025
जे.ए.डी. / सी.एफ. / 2025
जे.ए.डी. / सी.एफ. / 2025
जे.ए.डी. / सी.एफ. / 2025
जे.ए.डी. / सी.एफ. / 2025
जे.ए.डी. / सी.एफ. / 2025
-	- - -
205	393/2	सुरई	हेक्टेयर	0.79
जे.ए.डी. / सी.एफ. / 2025
जे.ए.डी. / सी.एफ. / 2025
जे.ए.डी. / सी.एफ. / 2025
जे.ए.डी. / सी.एफ. / 2025
जे.ए.डी. / सी.एफ. / 2025
जे.ए.डी. / सी.एफ. / 2025
जे.ए.डी. / सी.एफ. / 2025
जे.ए.डी. / सी.एफ. / 2025
जे.ए.डी. / सी.एफ. / 2025
-	- - -
206	395/1	सुरई	हेक्टेयर	0.19 धानसिंह पिता सुन्दरलाल जाति गोंड पता सुरई लखनादौन सिवनी मध्यप्रदेश भूमिस्वामी
जे.ए.डी. / सी.एफ. / 2025
जे.ए.डी. / सी.एफ. / 2025
जे.ए.डी. / सी.एफ. / 2025
जे.ए.डी. / सी.एफ. / 2025
जे.ए.डी. / सी.एफ. / 2025
जे.ए.डी. / सी.एफ. / 2025
जे.ए.डी. / सी.एफ. / 2025
जे.ए.डी. / सी.एफ. / 2025
जे.ए.डी. / सी.एफ. / 2025
-	- - -
207	395/2	सुरई	हेक्टेयर	0.07 तानसिंह पिता सुन्दरलाल जाति गोंड पता सुरई लखनादौन सिवनी मध्यप्रदेश भूमिस्वामी
जे.ए.डी. / सी.एफ. / 2025
जे.ए.डी. / सी.एफ. / 2025
जे.ए.डी. / सी.एफ. / 2025
जे.ए.डी. / सी.एफ. / 2025
जे.ए.डी. / सी.एफ. / 2025
जे.ए.डी. / सी.एफ. / 2025
जे.ए.डी. / सी.एफ. / 2025
जे.ए.डी. / सी.एफ. / 2025
जे.ए.डी. / सी.एफ. / 2025
-	- - -
208	395/4	सुरई	हेक्टेयर	0.06
जे.ए.डी. / सी.एफ. / 2025
जे.ए.डी. / सी.एफ. / 2025
जे.ए.डी. / सी.एफ. / 2025
जे.ए.डी. / सी.एफ. / 2025
जे.ए.डी. / सी.एफ. / 2025
जे.ए.डी. / सी.एफ. / 2025
जे.ए.डी. / सी.एफ. / 2025
जे.ए.डी. / सी.एफ. / 2025
जे.ए.डी. / सी.एफ. / 2025
-	- - -
209	405/2	सुरई	हेक्टेयर	0.12 मानसिंह पिता सुन्दरलाल जाति गोंड पता सुरई लखनादौन सिवनी मध्यप्रदेश भूमिस्वामी
जे.ए.डी. / सी.एफ. / 2025
जे.ए.डी. / सी.एफ. / 2025
जे.ए.डी. / सी.एफ. / 2025
जे.ए.डी. / सी.एफ. / 2025
जे.ए.डी. / सी.एफ. / 2025
जे.ए.डी. / सी.एफ. / 2025
जे.ए.डी. / सी.एफ. / 2025
जे.ए.डी. / सी.एफ. / 2025
जे.ए.डी. / सी.एफ. / 2025
-	- - -
210	402	सुरई	हेक्टेयर	0.36
जे.ए.डी. / सी.एफ. / 2025
जे.ए.डी. / सी.एफ. / 2025
जे.ए.डी. / सी.एफ. / 2025
जे.ए.डी. / सी.एफ. / 2025
जे.ए.डी. / सी.एफ. / 2025
जे.ए.डी. / सी.एफ. / 2025
जे.ए.डी. / सी.एफ. / 2025
जे.ए.डी. / सी.एफ. / 2025
जे.ए.डी. / सी.एफ. / 2025
-	- - -
211	404/1	सुरई	हेक्टेयर	3.05
सितलो बेवा कमन, प्रकाश, रनवाई, मनीराम, ललीव, रामकुमारी पिता कमन, इन्द्रलाल, सौमबाई, ललीता
जे.ए.डी. / सी.एफ. / 2025
जे.ए.डी. / सी.एफ. / 2025
जे.ए.डी. / सी.एफ. / 2025
जे.ए.डी. / सी.एफ. / 2025
जे.ए.डी. / सी.एफ. / 2025
जे.ए.डी. / सी.एफ. / 2025
जे.ए.डी. / सी.एफ. / 2025
जे.ए.डी. / सी.एफ. / 2025
जे.ए.डी. / सी.एफ. / 2025
-	- - -
212	412	सुरई	हेक्टेयर	0.81	दिलीप यादव पिता प्रहलाद जाति अहिर पता सुरई लखनादौन सिवनी मध्यप्रदेश भूमिस्वामी
जे.ए.डी. / सी.एफ. / 2025
जे.ए.डी. / सी.एफ. / 2025
जे.ए.डी. / सी.एफ. / 2025
जे.ए.डी. / सी.एफ. / 2025
जे.ए.डी. / सी.एफ. / 2025
जे.ए.डी. / सी.एफ. / 2025
जे.ए.डी. / सी.एफ. / 2025
जे.ए.डी. / सी.एफ. / 2025
जे.ए.डी. / सी.एफ. / 2025
-	- - -
213	408/4	सुरई	हेक्टेयर	0.06
महेशकुमार पिता भगवान, सुशलाबाई रमेशबाई पुत्री भगवान जाति गोंड पता सिवनी मध्यप्रदेश भूमिस्वामी
जे.ए.डी. / सी.एफ. / 2025
जे.ए.डी. / सी.एफ. / 2025
जे.ए.डी. / सी.एफ. / 2025
जे.ए.डी. / सी.एफ. / 2025
जे.ए.डी. / सी.एफ. / 2025
जे.ए.डी. / सी.एफ. / 2025
जे.ए.डी. / सी.एफ. / 2025
जे.ए.डी. / सी.एफ. / 2025
जे.ए.डी. / सी.एफ. / 2025
-	- - -
214	409/1/2	सुरई	हेक्टेयर	0.18
मोड्या नमती पिता धनलाल सहिवाई बेवा धनलाल जाति गोंड पता सुरई लखनादौन सिवनी मध्यप्रदेश
जे.ए.डी. / सी.एफ. / 2025
जे.ए.डी. / सी.एफ. / 2025
जे.ए.डी. / सी.एफ. / 2025
जे.ए.डी. / सी.एफ. / 2025
जे.ए.डी. / सी.एफ. / 2025
जे.ए.डी. / सी.एफ. / 2025
जे.ए.डी. / सी.एफ. / 2025
जे.ए.डी. / सी.एफ. / 2025
जे.ए.डी. / सी.एफ. / 2025
-	- - -
215	413/1	सुरई	हेक्टेयर	2.80
अशोक,रवीश, पिता जगदीश अनुसुइया पिता जगदीश सरनीतबाई पुत्र जगदीश जाति अहिर पता सुरई लखनादौन
जे.ए.डी. / सी.एफ. / 2025
जे.ए.डी. / सी.एफ. / 2025
जे.ए.डी. / सी.एफ. / 2025
जे.ए.डी. / सी.एफ. / 2025
जे.ए.डी. / सी.एफ. / 2025
जे.ए.डी. / सी.एफ. / 2025
जे.ए.डी. / सी.एफ. / 2025
जे.ए.डी. / सी.एफ. / 2025
जे.ए.डी. / सी.एफ. / 2025
-	- - -
216	413/2	सुरई	हेक्टेयर	2.00
अशोककुमार, रवीशकुमार पिता जगदीश, अनुसुईयाबाई नवलीता पिता जगदीश सरतव बतले वा सरिदेबाई
जे.ए.डी. / सी.एफ. / 2025
जे.ए.डी. / सी.एफ. / 2025
जे.ए.डी. / सी.एफ. / 2025
जे.ए.डी. / सी.एफ. / 2025
जे.ए.डी. / सी.एफ. / 2025
जे.ए.डी. / सी.एफ. / 2025
जे.ए.डी. / सी.एफ. / 2025
जे.ए.डी. / सी.एफ. / 2025
जे.ए.डी. / सी.एफ. / 2025
-	- - -
